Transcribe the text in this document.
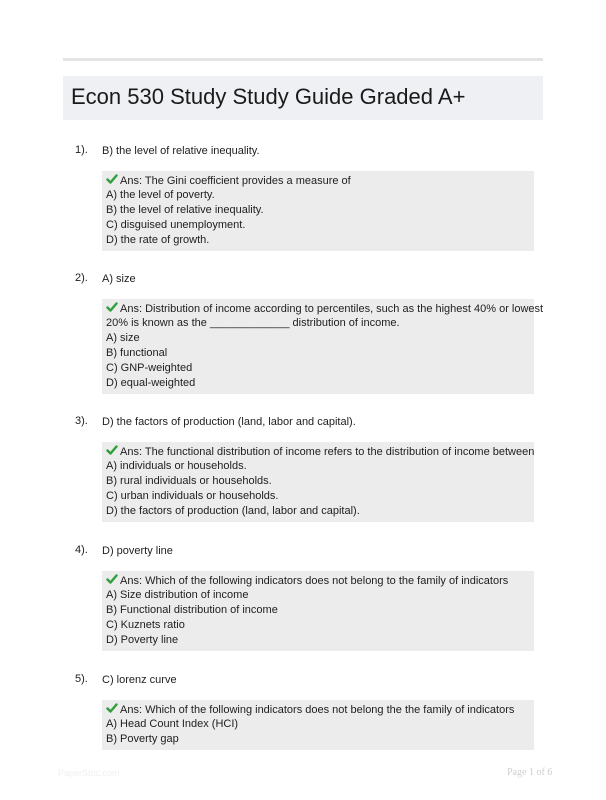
Econ 530 Study Study Guide Graded A+
1). B) the level of relative inequality.
Ans: The Gini coefficient provides a measure of
A) the level of poverty.
B) the level of relative inequality.
C) disguised unemployment.
D) the rate of growth.
2). A) size
Ans: Distribution of income according to percentiles, such as the highest 40% or lowest
20% is known as the _____________ distribution of income.
A) size
B) functional
C) GNP-weighted
D) equal-weighted
3). D) the factors of production (land, labor and capital).
Ans: The functional distribution of income refers to the distribution of income between
A) individuals or households.
B) rural individuals or households.
C) urban individuals or households.
D) the factors of production (land, labor and capital).
4). D) poverty line
Ans: Which of the following indicators does not belong to the family of indicators
A) Size distribution of income
B) Functional distribution of income
C) Kuznets ratio
D) Poverty line
5). C) lorenz curve
Ans: Which of the following indicators does not belong the the family of indicators
A) Head Count Index (HCI)
B) Poverty gap
PaperStoc.com	Page 1 of 6
